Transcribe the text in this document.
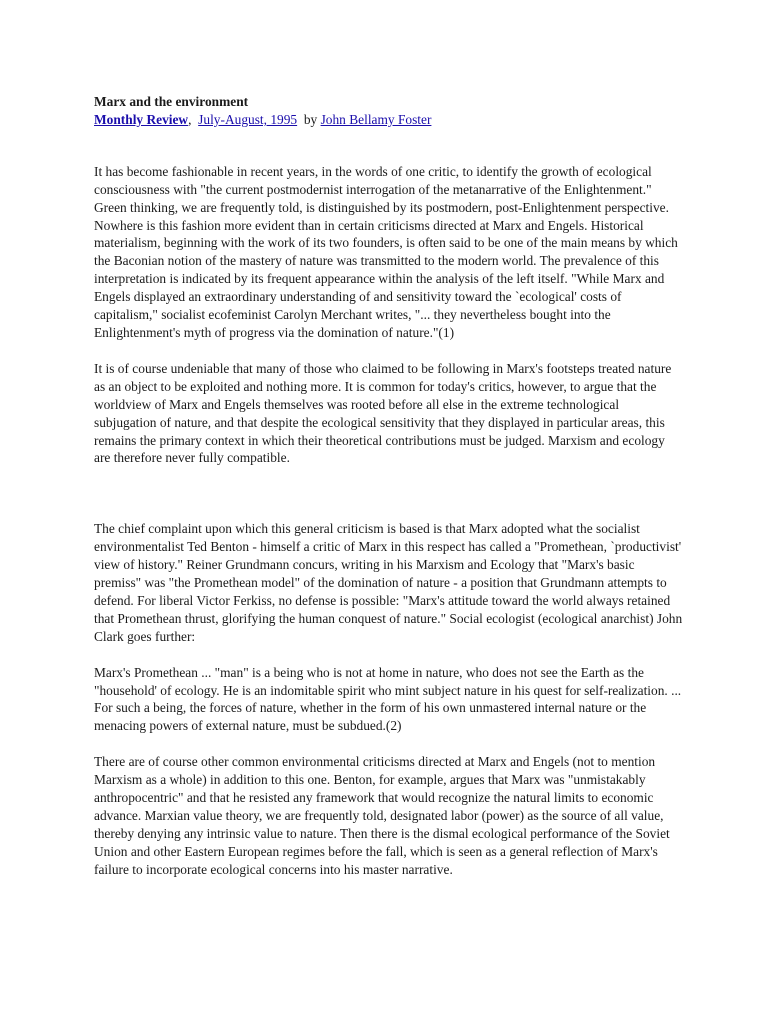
Marx and the environment

Monthly Review, July-August, 1995 by John Bellamy Foster

It has become fashionable in recent years, in the words of one critic, to identify the growth of ecological consciousness with "the current postmodernist interrogation of the metanarrative of the Enlightenment." Green thinking, we are frequently told, is distinguished by its postmodern, post-Enlightenment perspective. Nowhere is this fashion more evident than in certain criticisms directed at Marx and Engels. Historical materialism, beginning with the work of its two founders, is often said to be one of the main means by which the Baconian notion of the mastery of nature was transmitted to the modern world. The prevalence of this interpretation is indicated by its frequent appearance within the analysis of the left itself. "While Marx and Engels displayed an extraordinary understanding of and sensitivity toward the `ecological' costs of capitalism," socialist ecofeminist Carolyn Merchant writes, "... they nevertheless bought into the Enlightenment's myth of progress via the domination of nature."(1)

It is of course undeniable that many of those who claimed to be following in Marx's footsteps treated nature as an object to be exploited and nothing more. It is common for today's critics, however, to argue that the worldview of Marx and Engels themselves was rooted before all else in the extreme technological subjugation of nature, and that despite the ecological sensitivity that they displayed in particular areas, this remains the primary context in which their theoretical contributions must be judged. Marxism and ecology are therefore never fully compatible.

The chief complaint upon which this general criticism is based is that Marx adopted what the socialist environmentalist Ted Benton - himself a critic of Marx in this respect has called a "Promethean, `productivist' view of history." Reiner Grundmann concurs, writing in his Marxism and Ecology that "Marx's basic premiss" was "the Promethean model" of the domination of nature - a position that Grundmann attempts to defend. For liberal Victor Ferkiss, no defense is possible: "Marx's attitude toward the world always retained that Promethean thrust, glorifying the human conquest of nature." Social ecologist (ecological anarchist) John Clark goes further:

Marx's Promethean ... "man" is a being who is not at home in nature, who does not see the Earth as the "household' of ecology. He is an indomitable spirit who mint subject nature in his quest for self-realization. ... For such a being, the forces of nature, whether in the form of his own unmastered internal nature or the menacing powers of external nature, must be subdued.(2)

There are of course other common environmental criticisms directed at Marx and Engels (not to mention Marxism as a whole) in addition to this one. Benton, for example, argues that Marx was "unmistakably anthropocentric" and that he resisted any framework that would recognize the natural limits to economic advance. Marxian value theory, we are frequently told, designated labor (power) as the source of all value, thereby denying any intrinsic value to nature. Then there is the dismal ecological performance of the Soviet Union and other Eastern European regimes before the fall, which is seen as a general reflection of Marx's failure to incorporate ecological concerns into his master narrative.
